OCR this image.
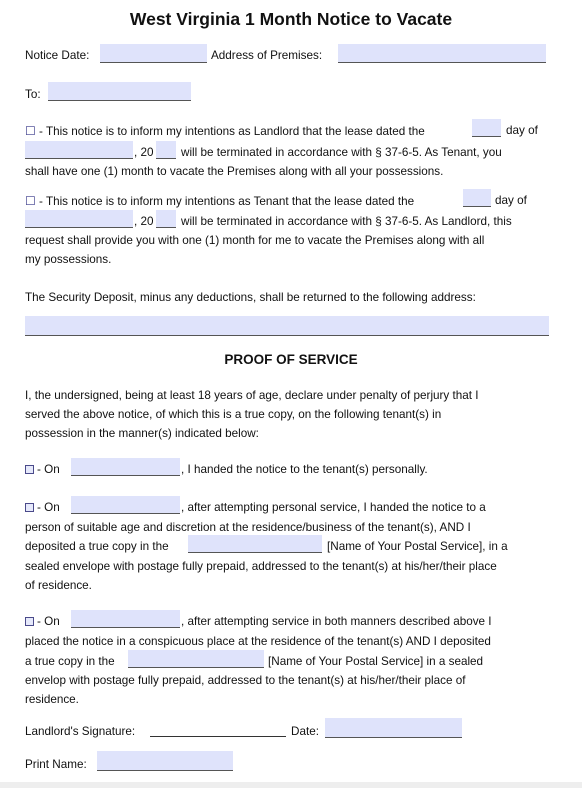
West Virginia 1 Month Notice to Vacate
Notice Date:	Address of Premises:
To:
☐ - This notice is to inform my intentions as Landlord that the lease dated the	day of
, 20 will be terminated in accordance with § 37-6-5. As Tenant, you
shall have one (1) month to vacate the Premises along with all your possessions.
☐ - This notice is to inform my intentions as Tenant that the lease dated the	day of
, 20 will be terminated in accordance with § 37-6-5. As Landlord, this
request shall provide you with one (1) month for me to vacate the Premises along with all
my possessions.
The Security Deposit, minus any deductions, shall be returned to the following address:
PROOF OF SERVICE
I, the undersigned, being at least 18 years of age, declare under penalty of perjury that I
served the above notice, of which this is a true copy, on the following tenant(s) in
possession in the manner(s) indicated below:
- On	, I handed the notice to the tenant(s) personally.
- On	, after attempting personal service, I handed the notice to a
person of suitable age and discretion at the residence/business of the tenant(s), AND I
deposited a true copy in the	[Name of Your Postal Service], in a
sealed envelope with postage fully prepaid, addressed to the tenant(s) at his/her/their place
of residence.
- On	, after attempting service in both manners described above I
placed the notice in a conspicuous place at the residence of the tenant(s) AND I deposited
a true copy in the	[Name of Your Postal Service] in a sealed
envelop with postage fully prepaid, addressed to the tenant(s) at his/her/their place of
residence.
Landlord's Signature:	Date:
Print Name:
